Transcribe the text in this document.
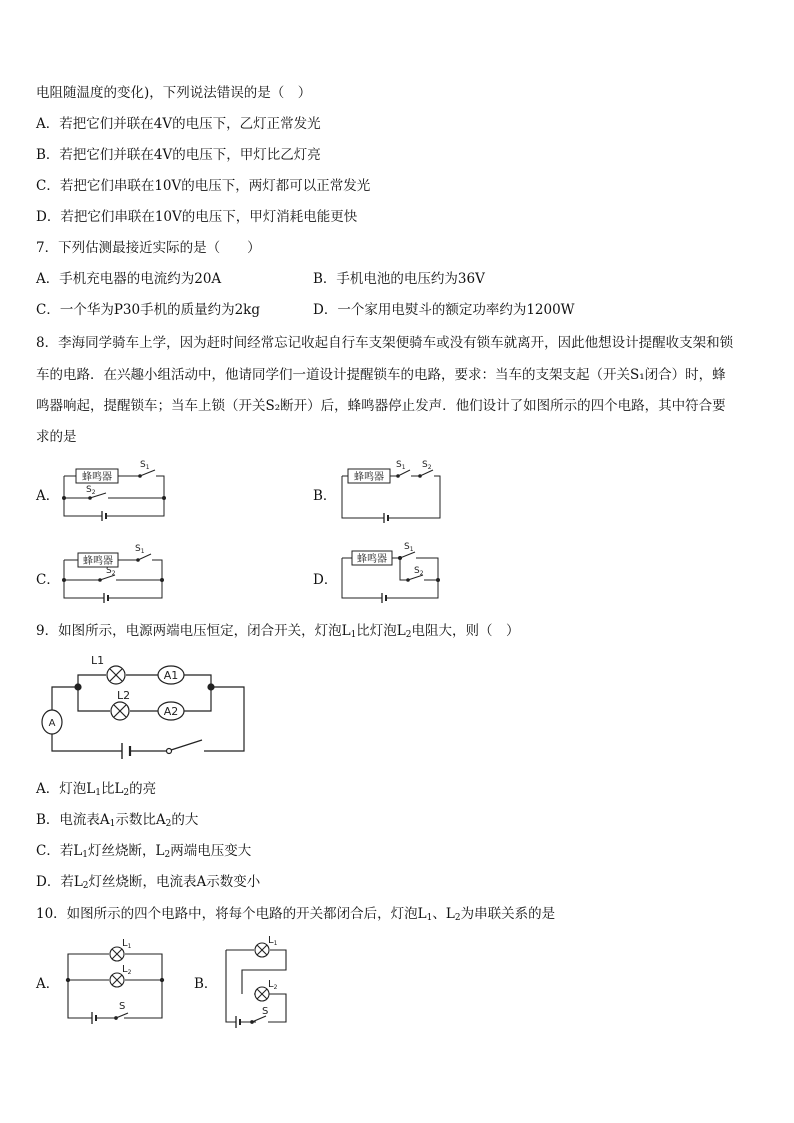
电阻随温度的变化)，下列说法错误的是（　）
A．若把它们并联在4V的电压下，乙灯正常发光
B．若把它们并联在4V的电压下，甲灯比乙灯亮
C．若把它们串联在10V的电压下，两灯都可以正常发光
D．若把它们串联在10V的电压下，甲灯消耗电能更快
7．下列估测最接近实际的是（　　）
A．手机充电器的电流约为20A	B．手机电池的电压约为36V
C．一个华为P30手机的质量约为2kg	D．一个家用电熨斗的额定功率约为1200W
8．李海同学骑车上学，因为赶时间经常忘记收起自行车支架便骑车或没有锁车就离开，因此他想设计提醒收支架和锁
车的电路．在兴趣小组活动中，他请同学们一道设计提醒锁车的电路，要求：当车的支架支起（开关S₁闭合）时，蜂
鸣器响起，提醒锁车；当车上锁（开关S₂断开）后，蜂鸣器停止发声．他们设计了如图所示的四个电路，其中符合要
求的是
A．	B．
C．	D．
蜂鸣器
$S_1$
$S_2$
蜂鸣器
$S_1$ $S_2$
蜂鸣器
$S_1$
$S_2$
蜂鸣器
$S_1$
$S_2$
9．如图所示，电源两端电压恒定，闭合开关，灯泡$L_1$比灯泡$L_2$电阻大，则（　）
L1
L2
A1
A2
A
A．灯泡$L_1$比$L_2$的亮
B．电流表$A_1$示数比$A_2$的大
C．若$L_1$灯丝烧断，$L_2$两端电压变大
D．若$L_2$灯丝烧断，电流表A示数变小
10．如图所示的四个电路中，将每个电路的开关都闭合后，灯泡$L_1$、$L_2$为串联关系的是
A．	B．
$L_1$
$L_2$
S
$L_1$
$L_2$
S
